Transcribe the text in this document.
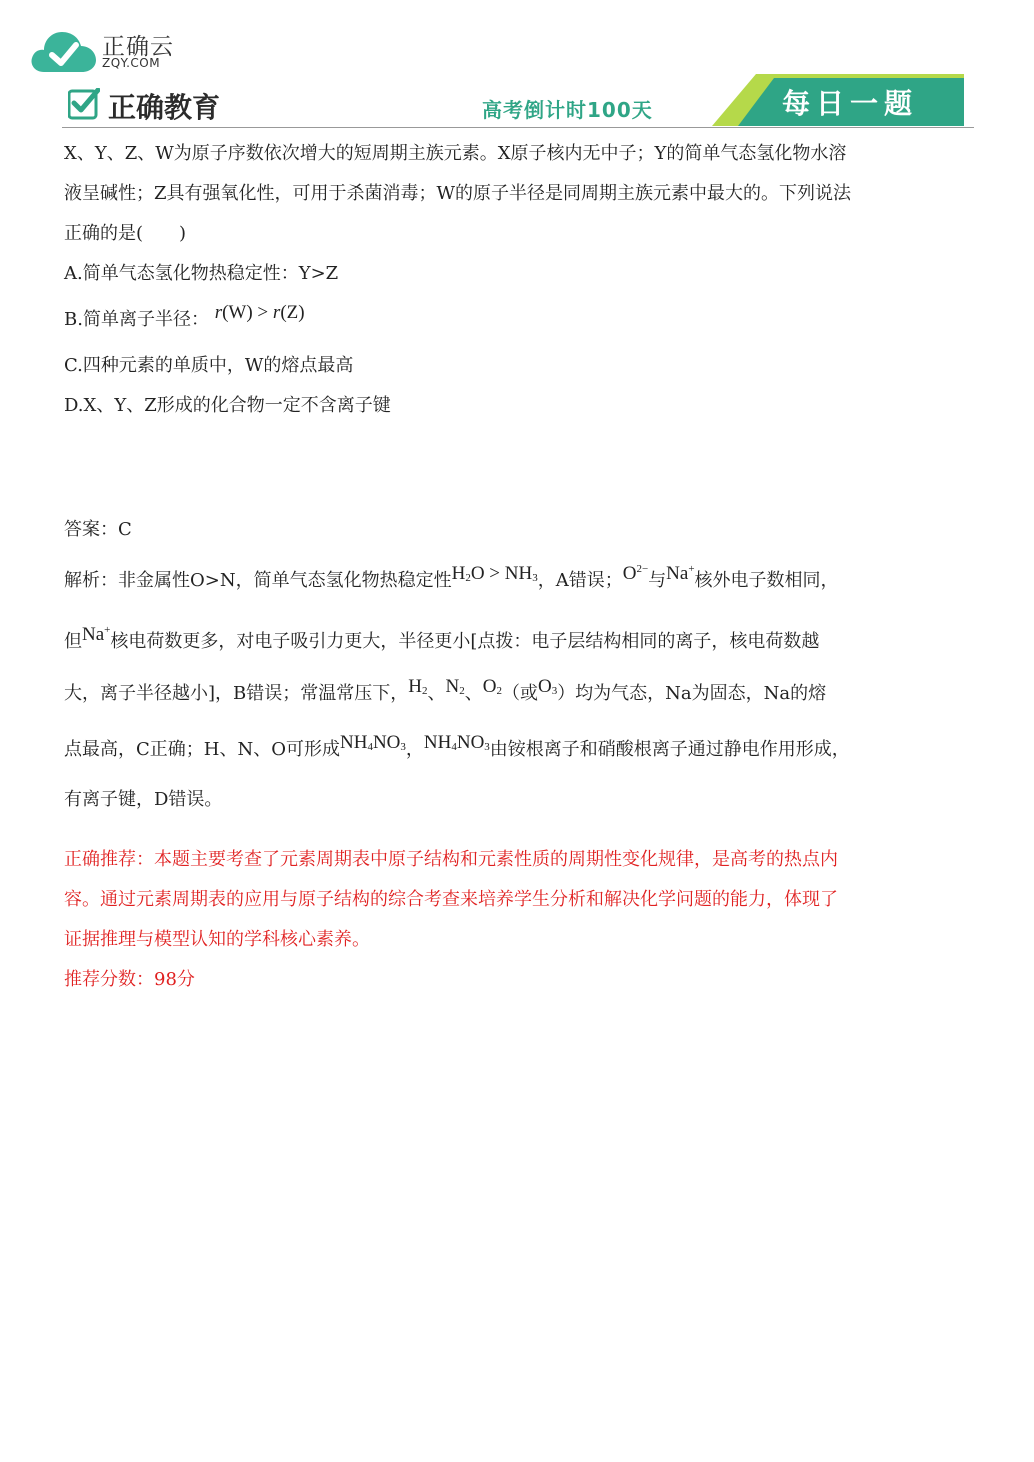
正确云
ZQY.COM
正确教育	高考倒计时100天	每日一题

X、Y、Z、W为原子序数依次增大的短周期主族元素。X原子核内无中子；Y的简单气态氢化物水溶

液呈碱性；Z具有强氧化性，可用于杀菌消毒；W的原子半径是同周期主族元素中最大的。下列说法

正确的是(　　)

A.简单气态氢化物热稳定性：Y>Z

B.简单离子半径： r(W) > r(Z)

C.四种元素的单质中，W的熔点最高

D.X、Y、Z形成的化合物一定不含离子键

答案：C

解析：非金属性O>N，简单气态氢化物热稳定性$H_2O > NH_3$，A错误；$O^{2-}$与Na+核外电子数相同，

但Na+核电荷数更多，对电子吸引力更大，半径更小[点拨：电子层结构相同的离子，核电荷数越

大，离子半径越小]，B错误；常温常压下，$H_2$、$N_2$、$O_2$（或$O_3$）均为气态，Na为固态，Na的熔

点最高，C正确；H、N、O可形成$NH_4NO_3$，$NH_4NO_3$由铵根离子和硝酸根离子通过静电作用形成，

有离子键，D错误。

正确推荐：本题主要考查了元素周期表中原子结构和元素性质的周期性变化规律，是高考的热点内

容。通过元素周期表的应用与原子结构的综合考查来培养学生分析和解决化学问题的能力，体现了

证据推理与模型认知的学科核心素养。

推荐分数：98分
